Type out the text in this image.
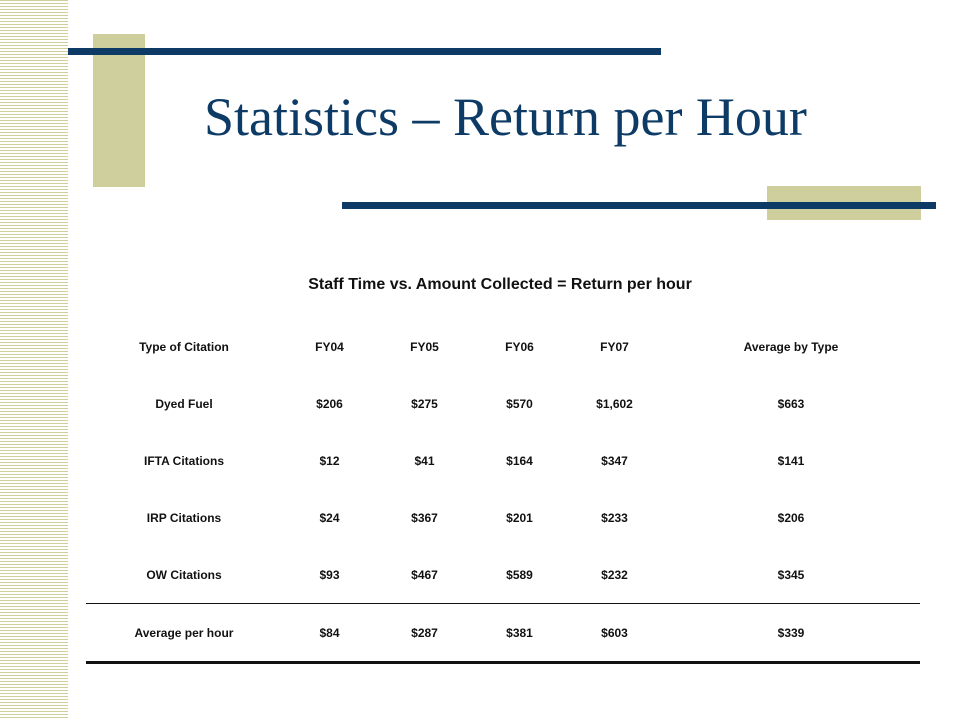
Statistics – Return per Hour
Staff Time vs. Amount Collected = Return per hour
Type of Citation	FY04	FY05	FY06	FY07	Average by Type
Dyed Fuel	$206	$275	$570	$1,602	$663
IFTA Citations	$12	$41	$164	$347	$141
IRP Citations	$24	$367	$201	$233	$206
OW Citations	$93	$467	$589	$232	$345
Average per hour	$84	$287	$381	$603	$339
